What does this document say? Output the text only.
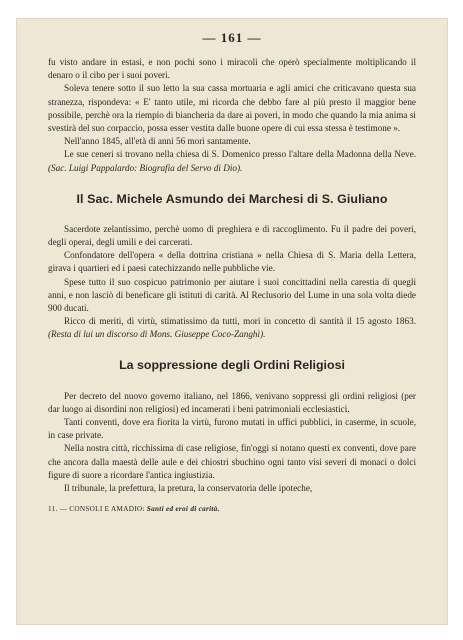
— 161 —

fu visto andare in estasi, e non pochi sono i miracoli che operò specialmente moltiplicando il denaro o il cibo per i suoi poveri.

Soleva tenere sotto il suo letto la sua cassa mortuaria e agli amici che criticavano questa sua stranezza, rispondeva: « E' tanto utile, mi ricorda che debbo fare al più presto il maggior bene possibile, perchè ora la riempio di biancheria da dare ai poveri, in modo che quando la mia anima si svestirà del suo corpaccio, possa esser vestita dalle buone opere di cui essa stessa è testimone ».

Nell'anno 1845, all'età di anni 56 morì santamente.

Le sue ceneri si trovano nella chiesa di S. Domenico presso l'altare della Madonna della Neve. (Sac. Luigi Pappalardo: Biografia del Servo di Dio).

Il Sac. Michele Asmundo dei Marchesi di S. Giuliano

Sacerdote zelantissimo, perchè uomo di preghiera e di raccoglimento. Fu il padre dei poveri, degli operai, degli umili e dei carcerati.

Confondatore dell'opera « della dottrina cristiana » nella Chiesa di S. Maria della Lettera, girava i quartieri ed i paesi catechizzando nelle pubbliche vie.

Spese tutto il suo cospicuo patrimonio per aiutare i suoi concittadini nella carestia di quegli anni, e non lasciò di beneficare gli istituti di carità. Al Reclusorio del Lume in una sola volta diede 900 ducati.

Ricco di meriti, di virtù, stimatissimo da tutti, morì in concetto di santità il 15 agosto 1863. (Resta di lui un discorso di Mons. Giuseppe Coco-Zanghì).

La soppressione degli Ordini Religiosi

Per decreto del nuovo governo italiano, nel 1866, venivano soppressi gli ordini religiosi (per dar luogo ai disordini non religiosi) ed incamerati i beni patrimoniali ecclesiastici.

Tanti conventi, dove era fiorita la virtù, furono mutati in uffici pubblici, in caserme, in scuole, in case private.

Nella nostra città, ricchissima di case religiose, fin'oggi si notano questi ex conventi, dove pare che ancora dalla maestà delle aule e dei chiostri sbuchino ogni tanto visi severi di monaci o dolci figure di suore a ricordare l'antica ingiustizia.

Il tribunale, la prefettura, la pretura, la conservatoria delle ipoteche,

11. — CONSOLI E AMADIO: Santi ed eroi di carità.
